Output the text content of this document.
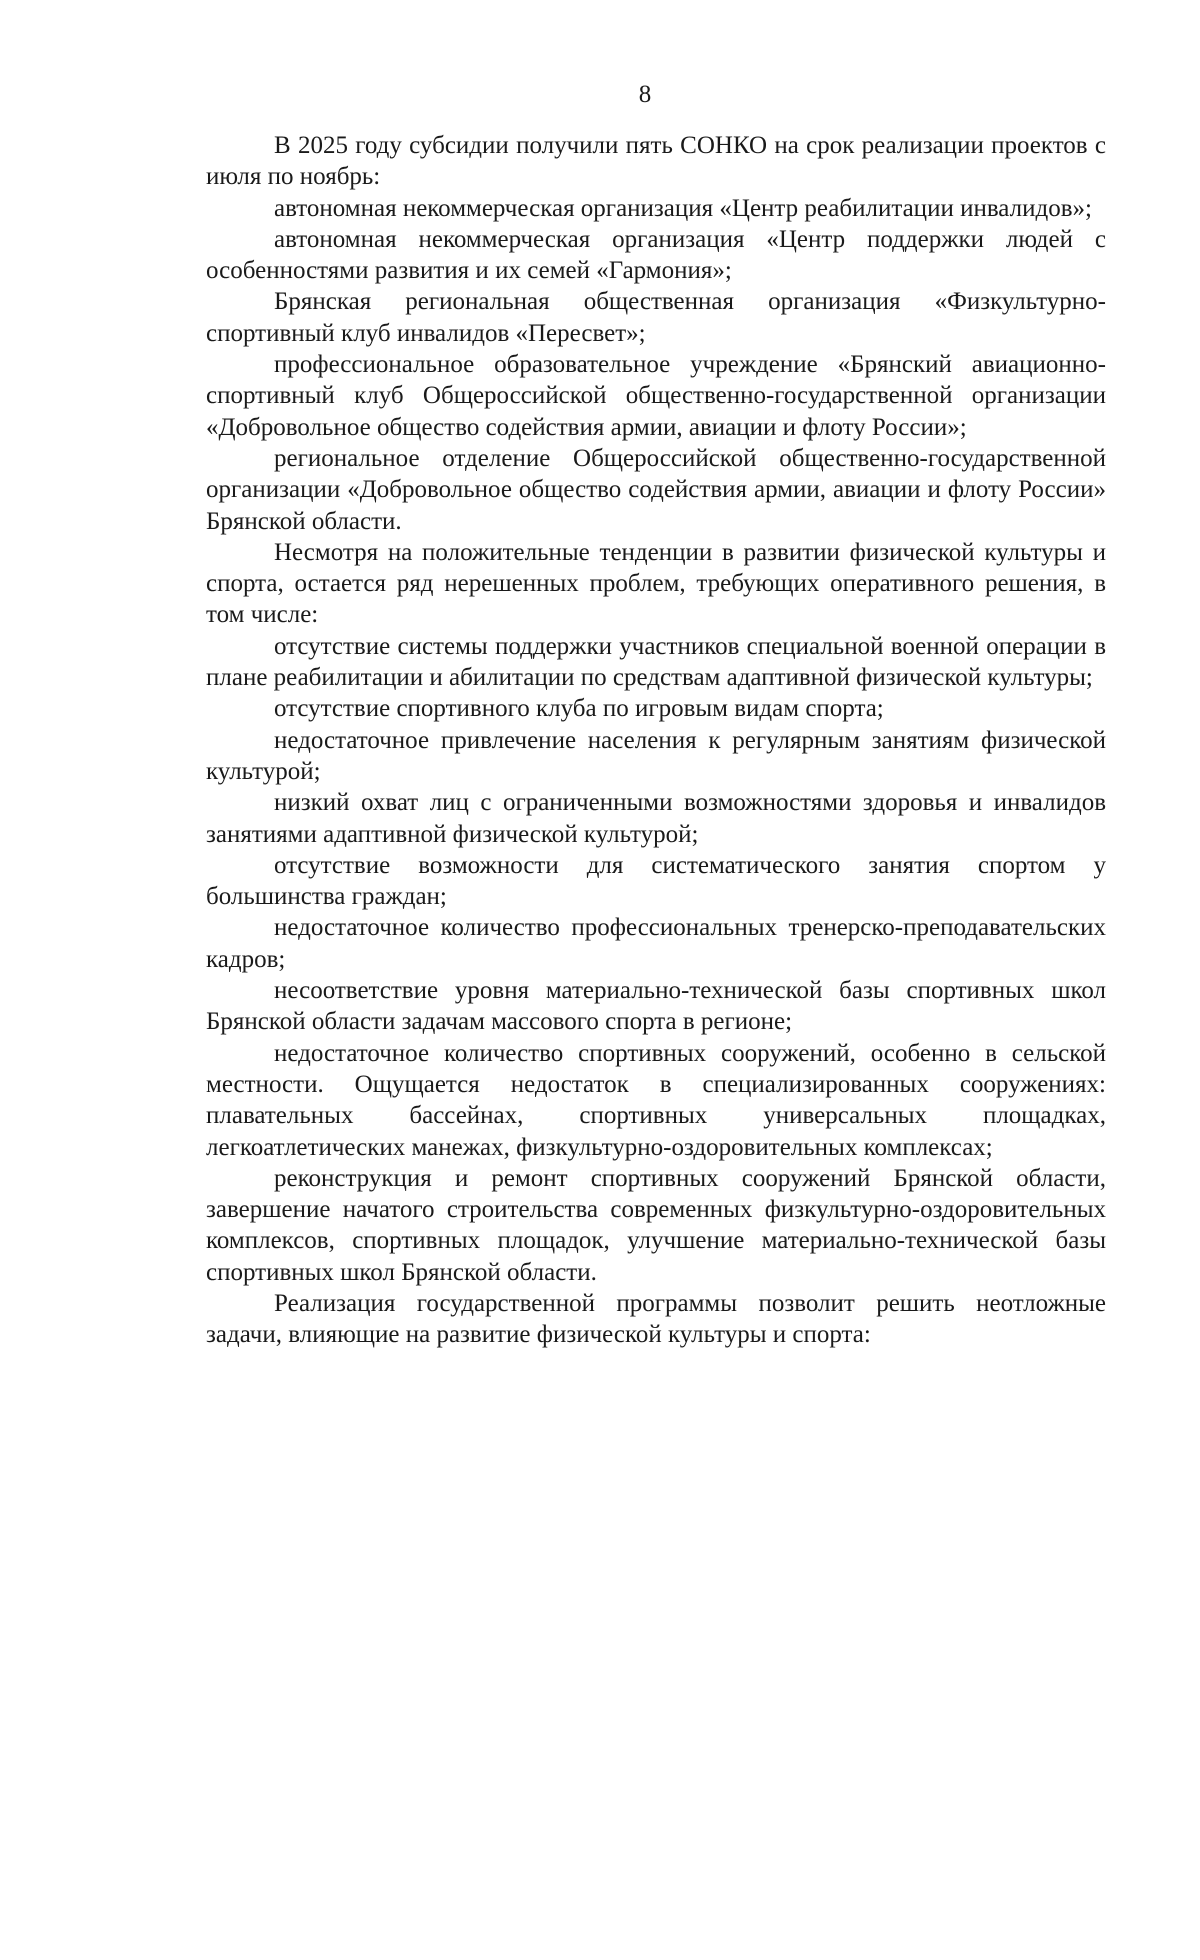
8

В 2025 году субсидии получили пять СОНКО на срок реализации проектов с июля по ноябрь:

автономная некоммерческая организация «Центр реабилитации инвалидов»;

автономная некоммерческая организация «Центр поддержки людей с особенностями развития и их семей «Гармония»;

Брянская региональная общественная организация «Физкультурно-спортивный клуб инвалидов «Пересвет»;

профессиональное образовательное учреждение «Брянский авиационно-спортивный клуб Общероссийской общественно-государственной организации «Добровольное общество содействия армии, авиации и флоту России»;

региональное отделение Общероссийской общественно-государственной организации «Добровольное общество содействия армии, авиации и флоту России» Брянской области.

Несмотря на положительные тенденции в развитии физической культуры и спорта, остается ряд нерешенных проблем, требующих оперативного решения, в том числе:

отсутствие системы поддержки участников специальной военной операции в плане реабилитации и абилитации по средствам адаптивной физической культуры;

отсутствие спортивного клуба по игровым видам спорта;

недостаточное привлечение населения к регулярным занятиям физической культурой;

низкий охват лиц с ограниченными возможностями здоровья и инвалидов занятиями адаптивной физической культурой;

отсутствие возможности для систематического занятия спортом у большинства граждан;

недостаточное количество профессиональных тренерско-преподавательских кадров;

несоответствие уровня материально-технической базы спортивных школ Брянской области задачам массового спорта в регионе;

недостаточное количество спортивных сооружений, особенно в сельской местности. Ощущается недостаток в специализированных сооружениях: плавательных бассейнах, спортивных универсальных площадках, легкоатлетических манежах, физкультурно-оздоровительных комплексах;

реконструкция и ремонт спортивных сооружений Брянской области, завершение начатого строительства современных физкультурно-оздоровительных комплексов, спортивных площадок, улучшение материально-технической базы спортивных школ Брянской области.

Реализация государственной программы позволит решить неотложные задачи, влияющие на развитие физической культуры и спорта:
